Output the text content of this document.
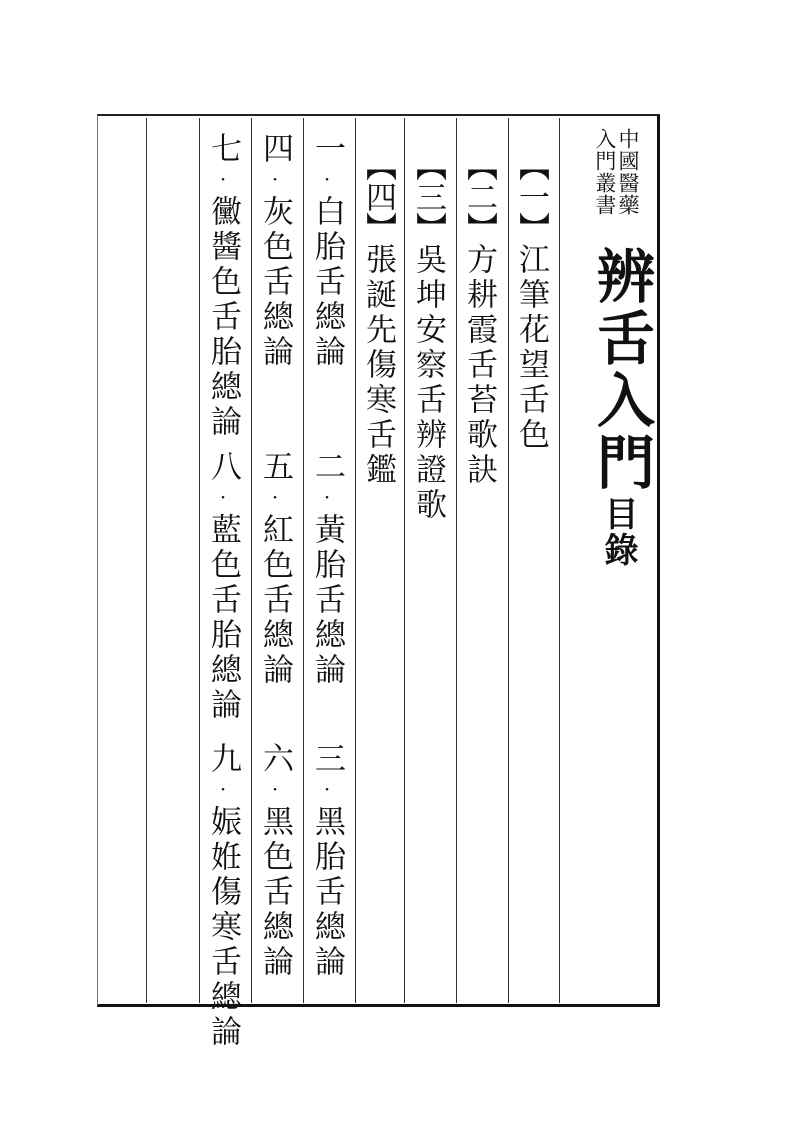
中國醫藥
入門叢書
辨舌入門
目錄
【一】江筆花望舌色
【二】方耕霞舌苔歌訣
【三】吳坤安察舌辨證歌
【四】張誕先傷寒舌鑑
一·白胎舌總論
二·黃胎舌總論
三·黑胎舌總論
四·灰色舌總論
五·紅色舌總論
六·黑色舌總論
七·黴醬色舌胎總論
八·藍色舌胎總論
九·娠姙傷寒舌總論
